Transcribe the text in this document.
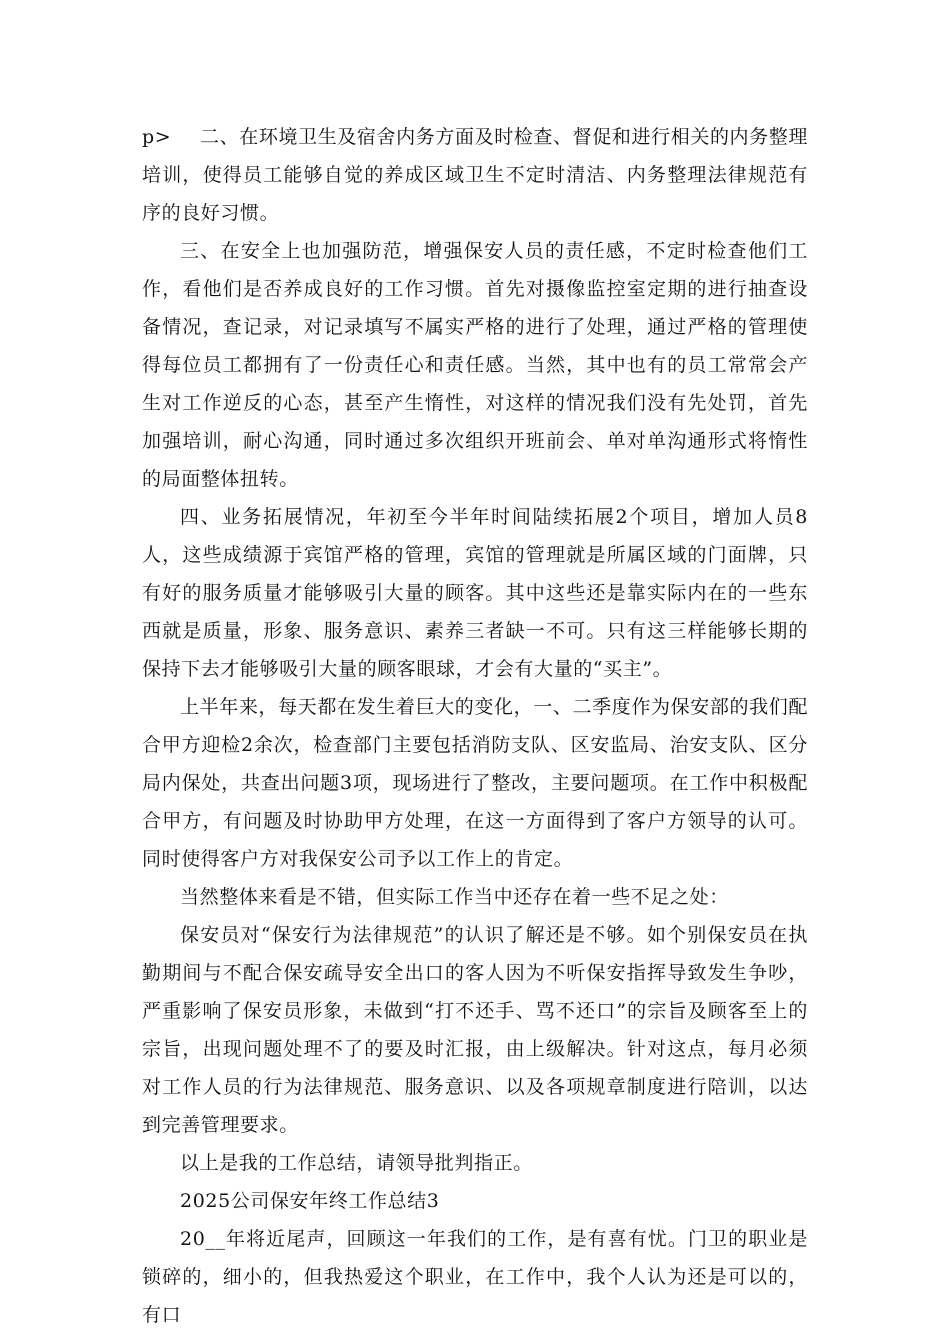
p> 二、在环境卫生及宿舍内务方面及时检查、督促和进行相关的内务整理培训，使得员工能够自觉的养成区域卫生不定时清洁、内务整理法律规范有序的良好习惯。

三、在安全上也加强防范，增强保安人员的责任感，不定时检查他们工作，看他们是否养成良好的工作习惯。首先对摄像监控室定期的进行抽查设备情况，查记录，对记录填写不属实严格的进行了处理，通过严格的管理使得每位员工都拥有了一份责任心和责任感。当然，其中也有的员工常常会产生对工作逆反的心态，甚至产生惰性，对这样的情况我们没有先处罚，首先加强培训，耐心沟通，同时通过多次组织开班前会、单对单沟通形式将惰性的局面整体扭转。

四、业务拓展情况，年初至今半年时间陆续拓展2个项目，增加人员8人，这些成绩源于宾馆严格的管理，宾馆的管理就是所属区域的门面牌，只有好的服务质量才能够吸引大量的顾客。其中这些还是靠实际内在的一些东西就是质量，形象、服务意识、素养三者缺一不可。只有这三样能够长期的保持下去才能够吸引大量的顾客眼球，才会有大量的“买主”。

上半年来，每天都在发生着巨大的变化，一、二季度作为保安部的我们配合甲方迎检2余次，检查部门主要包括消防支队、区安监局、治安支队、区分局内保处，共查出问题3项，现场进行了整改，主要问题项。在工作中积极配合甲方，有问题及时协助甲方处理，在这一方面得到了客户方领导的认可。同时使得客户方对我保安公司予以工作上的肯定。

当然整体来看是不错，但实际工作当中还存在着一些不足之处：

保安员对“保安行为法律规范”的认识了解还是不够。如个别保安员在执勤期间与不配合保安疏导安全出口的客人因为不听保安指挥导致发生争吵，严重影响了保安员形象，未做到“打不还手、骂不还口”的宗旨及顾客至上的宗旨，出现问题处理不了的要及时汇报，由上级解决。针对这点，每月必须对工作人员的行为法律规范、服务意识、以及各项规章制度进行陪训，以达到完善管理要求。

以上是我的工作总结，请领导批判指正。

2025公司保安年终工作总结3

20__年将近尾声，回顾这一年我们的工作，是有喜有忧。门卫的职业是锁碎的，细小的，但我热爱这个职业，在工作中，我个人认为还是可以的，有口
